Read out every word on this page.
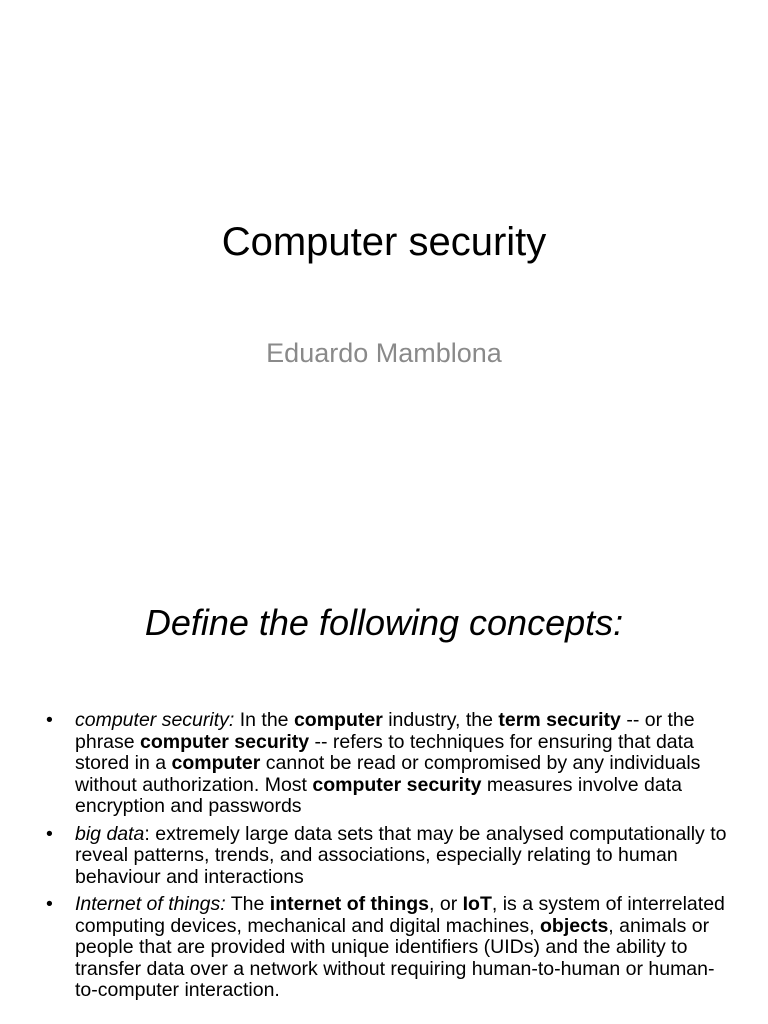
Computer security
Eduardo Mamblona
Define the following concepts:
• computer security: In the computer industry, the term security -- or the phrase computer security -- refers to techniques for ensuring that data stored in a computer cannot be read or compromised by any individuals without authorization. Most computer security measures involve data encryption and passwords
• big data: extremely large data sets that may be analysed computationally to reveal patterns, trends, and associations, especially relating to human behaviour and interactions
• Internet of things: The internet of things, or IoT, is a system of interrelated computing devices, mechanical and digital machines, objects, animals or people that are provided with unique identifiers (UIDs) and the ability to transfer data over a network without requiring human-to-human or human-to-computer interaction.
